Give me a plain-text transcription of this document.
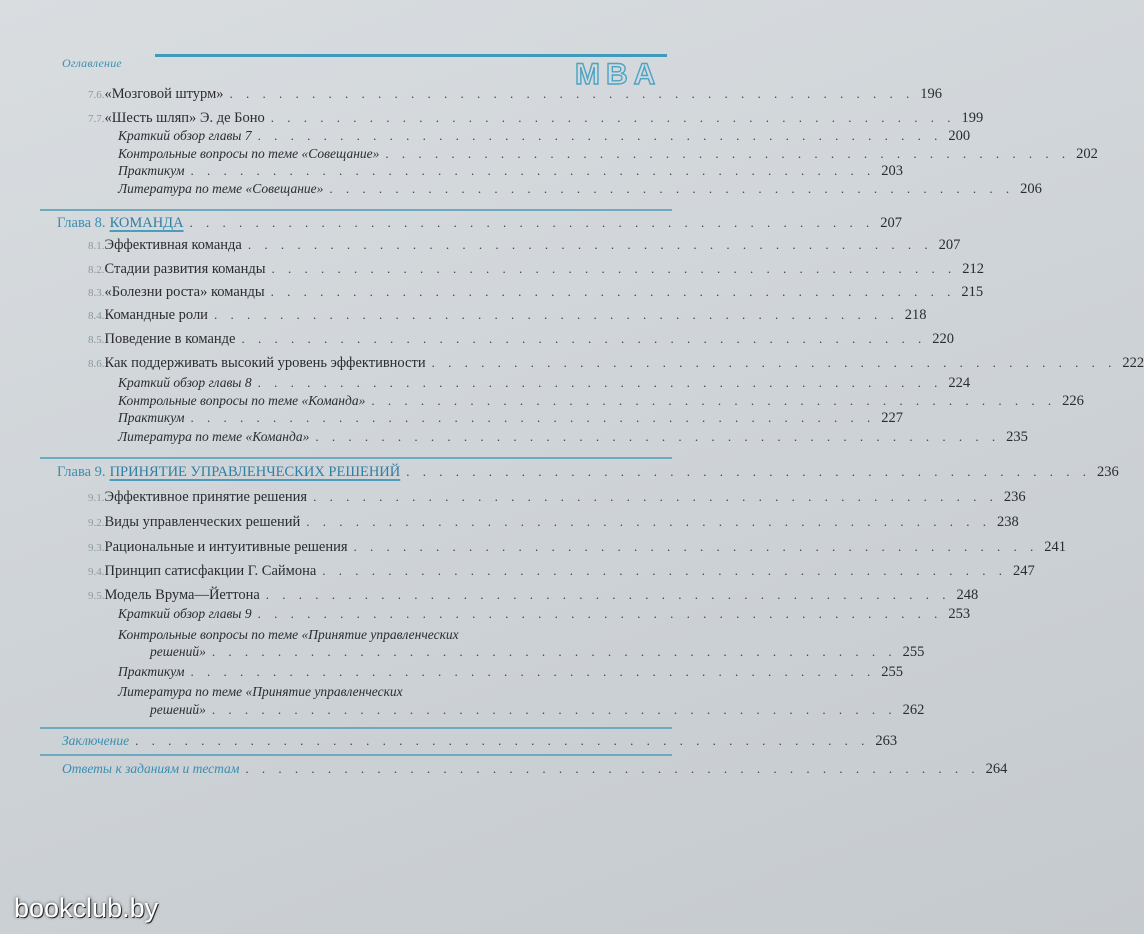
Оглавление	MBA
7.6. «Мозговой штурм» . . . . . . . . . . . . . . . . . . . . . . . . . . . . . . . . . . . . . . . . . . 196
7.7. «Шесть шляп» Э. де Боно . . . . . . . . . . . . . . . . . . . . . . . . . . . . . . . . . . . . . . . . . . 199
Краткий обзор главы 7 . . . . . . . . . . . . . . . . . . . . . . . . . . . . . . . . . . . . . . . . . . 200
Контрольные вопросы по теме «Совещание» . . . . . . . . . . . . . . . . . . . . . . . . . . . . . . . . . . . . . . . . . . 202
Практикум . . . . . . . . . . . . . . . . . . . . . . . . . . . . . . . . . . . . . . . . . . 203
Литература по теме «Совещание» . . . . . . . . . . . . . . . . . . . . . . . . . . . . . . . . . . . . . . . . . . 206
Глава 8.
КОМАНДА . . . . . . . . . . . . . . . . . . . . . . . . . . . . . . . . . . . . . . . . . . 207
8.1. Эффективная команда . . . . . . . . . . . . . . . . . . . . . . . . . . . . . . . . . . . . . . . . . . 207
8.2. Стадии развития команды . . . . . . . . . . . . . . . . . . . . . . . . . . . . . . . . . . . . . . . . . . 212
8.3. «Болезни роста» команды . . . . . . . . . . . . . . . . . . . . . . . . . . . . . . . . . . . . . . . . . . 215
8.4. Командные роли . . . . . . . . . . . . . . . . . . . . . . . . . . . . . . . . . . . . . . . . . . 218
8.5. Поведение в команде . . . . . . . . . . . . . . . . . . . . . . . . . . . . . . . . . . . . . . . . . . 220
8.6. Как поддерживать высокий уровень эффективности . . . . . . . . . . . . . . . . . . . . . . . . . . . . . . . . . . . . . . . . . . 222
Краткий обзор главы 8 . . . . . . . . . . . . . . . . . . . . . . . . . . . . . . . . . . . . . . . . . . 224
Контрольные вопросы по теме «Команда» . . . . . . . . . . . . . . . . . . . . . . . . . . . . . . . . . . . . . . . . . . 226
Практикум . . . . . . . . . . . . . . . . . . . . . . . . . . . . . . . . . . . . . . . . . . 227
Литература по теме «Команда» . . . . . . . . . . . . . . . . . . . . . . . . . . . . . . . . . . . . . . . . . . 235
Глава 9.
ПРИНЯТИЕ УПРАВЛЕНЧЕСКИХ РЕШЕНИЙ . . . . . . . . . . . . . . . . . . . . . . . . . . . . . . . . . . . . . . . . . . 236
9.1. Эффективное принятие решения . . . . . . . . . . . . . . . . . . . . . . . . . . . . . . . . . . . . . . . . . . 236
9.2. Виды управленческих решений . . . . . . . . . . . . . . . . . . . . . . . . . . . . . . . . . . . . . . . . . . 238
9.3. Рациональные и интуитивные решения . . . . . . . . . . . . . . . . . . . . . . . . . . . . . . . . . . . . . . . . . . 241
9.4. Принцип сатисфакции Г. Саймона . . . . . . . . . . . . . . . . . . . . . . . . . . . . . . . . . . . . . . . . . . 247
9.5. Модель Врума—Йеттона . . . . . . . . . . . . . . . . . . . . . . . . . . . . . . . . . . . . . . . . . . 248
Краткий обзор главы 9 . . . . . . . . . . . . . . . . . . . . . . . . . . . . . . . . . . . . . . . . . . 253
Контрольные вопросы по теме «Принятие управленческих
решений» . . . . . . . . . . . . . . . . . . . . . . . . . . . . . . . . . . . . . . . . . . 255
Практикум . . . . . . . . . . . . . . . . . . . . . . . . . . . . . . . . . . . . . . . . . . 255
Литература по теме «Принятие управленческих
решений» . . . . . . . . . . . . . . . . . . . . . . . . . . . . . . . . . . . . . . . . . . 262
Заключение . . . . . . . . . . . . . . . . . . . . . . . . . . . . . . . . . . . . . . . . . . . . . 263
Ответы к заданиям и тестам . . . . . . . . . . . . . . . . . . . . . . . . . . . . . . . . . . . . . . . . . . . . . 264
bookclub.by
